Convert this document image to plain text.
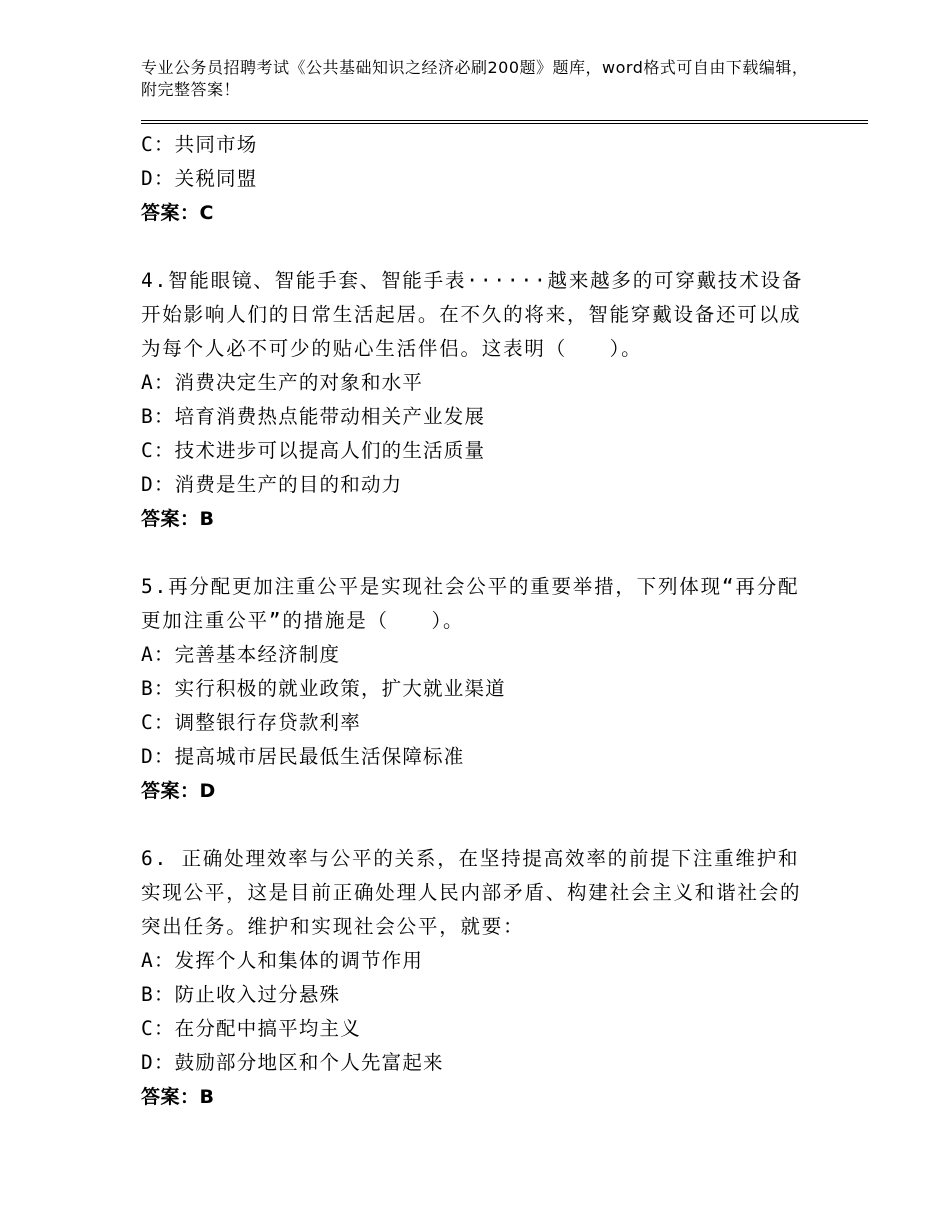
专业公务员招聘考试《公共基础知识之经济必刷200题》题库，word格式可自由下载编辑，附完整答案！
C：共同市场
D：关税同盟
答案：C
4.智能眼镜、智能手套、智能手表······越来越多的可穿戴技术设备开始影响人们的日常生活起居。在不久的将来，智能穿戴设备还可以成为每个人必不可少的贴心生活伴侣。这表明（　　）。
A：消费决定生产的对象和水平
B：培育消费热点能带动相关产业发展
C：技术进步可以提高人们的生活质量
D：消费是生产的目的和动力
答案：B
5.再分配更加注重公平是实现社会公平的重要举措，下列体现“再分配更加注重公平”的措施是（　　）。
A：完善基本经济制度
B：实行积极的就业政策，扩大就业渠道
C：调整银行存贷款利率
D：提高城市居民最低生活保障标准
答案：D
6. 正确处理效率与公平的关系，在坚持提高效率的前提下注重维护和实现公平，这是目前正确处理人民内部矛盾、构建社会主义和谐社会的突出任务。维护和实现社会公平，就要：
A：发挥个人和集体的调节作用
B：防止收入过分悬殊
C：在分配中搞平均主义
D：鼓励部分地区和个人先富起来
答案：B
